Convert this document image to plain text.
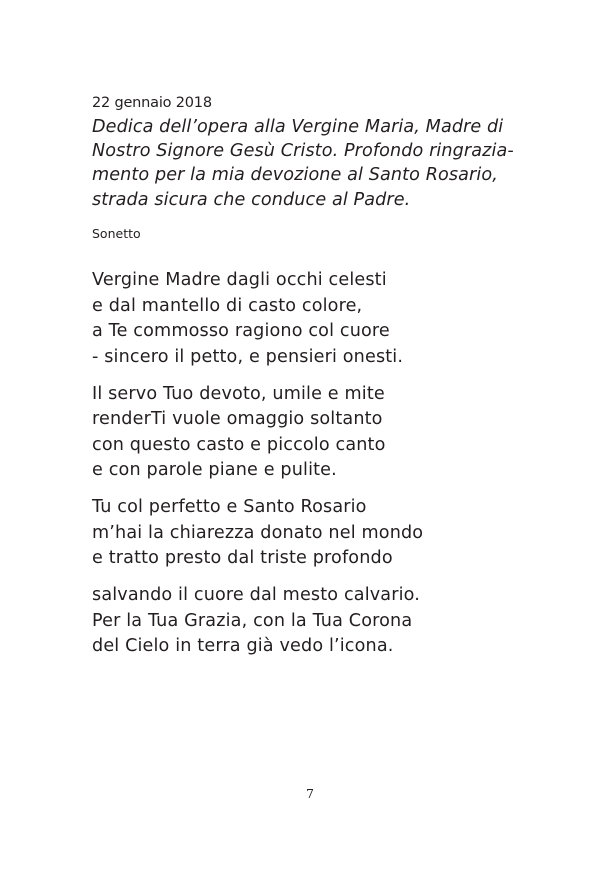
22 gennaio 2018

Dedica dell’opera alla Vergine Maria, Madre di
Nostro Signore Gesù Cristo. Profondo ringrazia-
mento per la mia devozione al Santo Rosario,
strada sicura che conduce al Padre.

Sonetto
Vergine Madre dagli occhi celesti
e dal mantello di casto colore,
a Te commosso ragiono col cuore
- sincero il petto, e pensieri onesti.
Il servo Tuo devoto, umile e mite
renderTi vuole omaggio soltanto
con questo casto e piccolo canto
e con parole piane e pulite.
Tu col perfetto e Santo Rosario
m’hai la chiarezza donato nel mondo
e tratto presto dal triste profondo
salvando il cuore dal mesto calvario.
Per la Tua Grazia, con la Tua Corona
del Cielo in terra già vedo l’icona.
7
